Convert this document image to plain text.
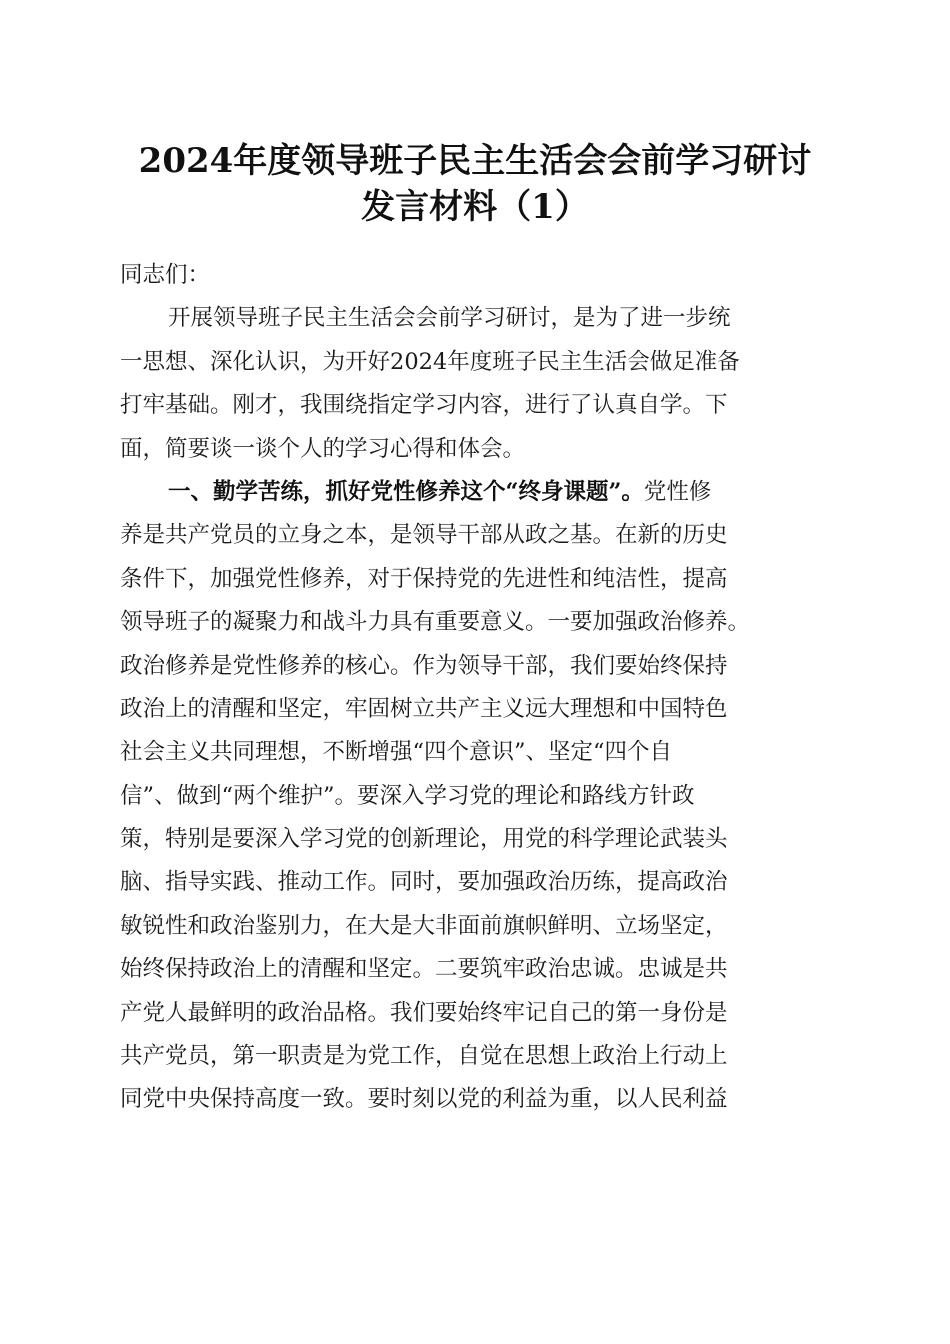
2024年度领导班子民主生活会会前学习研讨
发言材料（1）
同志们：
开展领导班子民主生活会会前学习研讨，是为了进一步统
一思想、深化认识，为开好2024年度班子民主生活会做足准备
打牢基础。刚才，我围绕指定学习内容，进行了认真自学。下
面，简要谈一谈个人的学习心得和体会。
一、勤学苦练，抓好党性修养这个“终身课题”。党性修
养是共产党员的立身之本，是领导干部从政之基。在新的历史
条件下，加强党性修养，对于保持党的先进性和纯洁性，提高
领导班子的凝聚力和战斗力具有重要意义。一要加强政治修养。
政治修养是党性修养的核心。作为领导干部，我们要始终保持
政治上的清醒和坚定，牢固树立共产主义远大理想和中国特色
社会主义共同理想，不断增强“四个意识”、坚定“四个自
信”、做到“两个维护”。要深入学习党的理论和路线方针政
策，特别是要深入学习党的创新理论，用党的科学理论武装头
脑、指导实践、推动工作。同时，要加强政治历练，提高政治
敏锐性和政治鉴别力，在大是大非面前旗帜鲜明、立场坚定，
始终保持政治上的清醒和坚定。二要筑牢政治忠诚。忠诚是共
产党人最鲜明的政治品格。我们要始终牢记自己的第一身份是
共产党员，第一职责是为党工作，自觉在思想上政治上行动上
同党中央保持高度一致。要时刻以党的利益为重，以人民利益
